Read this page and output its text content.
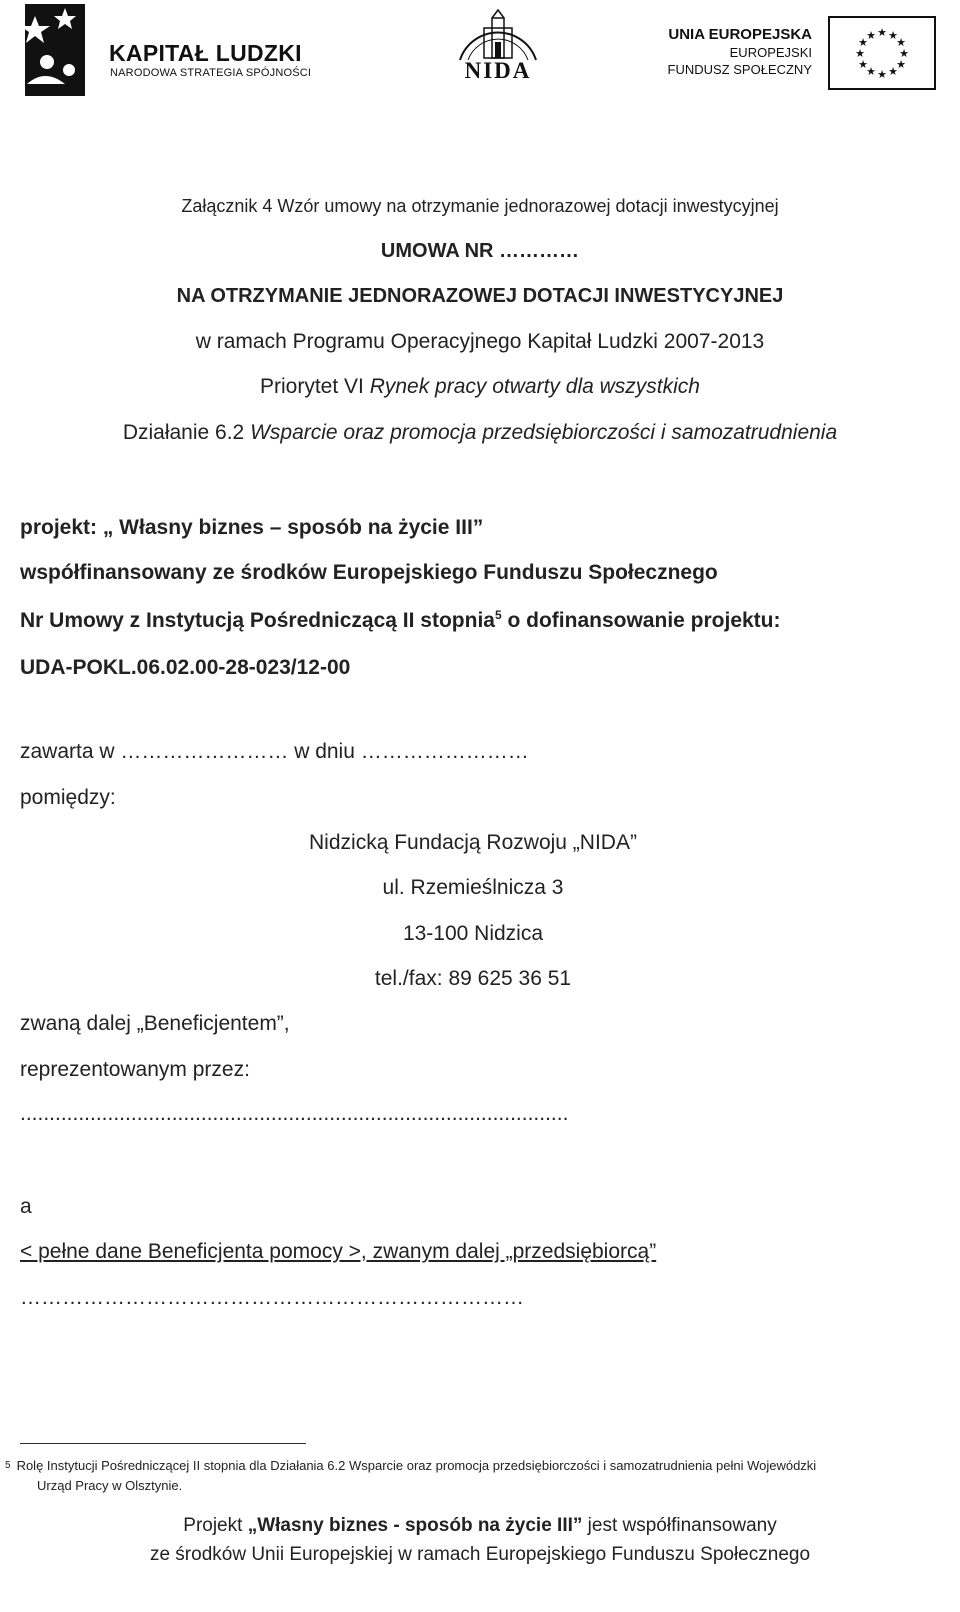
KAPITAŁ LUDZKI
NARODOWA STRATEGIA SPÓJNOŚCI	NIDA
UNIA EUROPEJSKA
EUROPEJSKI
FUNDUSZ SPOŁECZNY
★ ★
★
★
★
★
★
★
★
★
★
★
Załącznik 4 Wzór umowy na otrzymanie jednorazowej dotacji inwestycyjnej
UMOWA NR …………
NA OTRZYMANIE JEDNORAZOWEJ DOTACJI INWESTYCYJNEJ
w ramach Programu Operacyjnego Kapitał Ludzki 2007-2013
Priorytet VI Rynek pracy otwarty dla wszystkich
Działanie 6.2 Wsparcie oraz promocja przedsiębiorczości i samozatrudnienia
projekt: „ Własny biznes – sposób na życie III”
współfinansowany ze środków Europejskiego Funduszu Społecznego
Nr Umowy z Instytucją Pośredniczącą II stopnia$^5$ o dofinansowanie projektu:
UDA-POKL.06.02.00-28-023/12-00
zawarta w …………………… w dniu ……………………
pomiędzy:
Nidzicką Fundacją Rozwoju „NIDA”
ul. Rzemieślnicza 3
13-100 Nidzica
tel./fax: 89 625 36 51
zwaną dalej „Beneficjentem”,
reprezentowanym przez:
..............................................................................................
a
< pełne dane Beneficjenta pomocy >, zwanym dalej „przedsiębiorcą”
………………………………………………………………
$^5$ Rolę Instytucji Pośredniczącej II stopnia dla Działania 6.2 Wsparcie oraz promocja przedsiębiorczości i samozatrudnienia pełni Wojewódzki
Urząd Pracy w Olsztynie.
Projekt „Własny biznes - sposób na życie III” jest współfinansowany
ze środków Unii Europejskiej w ramach Europejskiego Funduszu Społecznego
